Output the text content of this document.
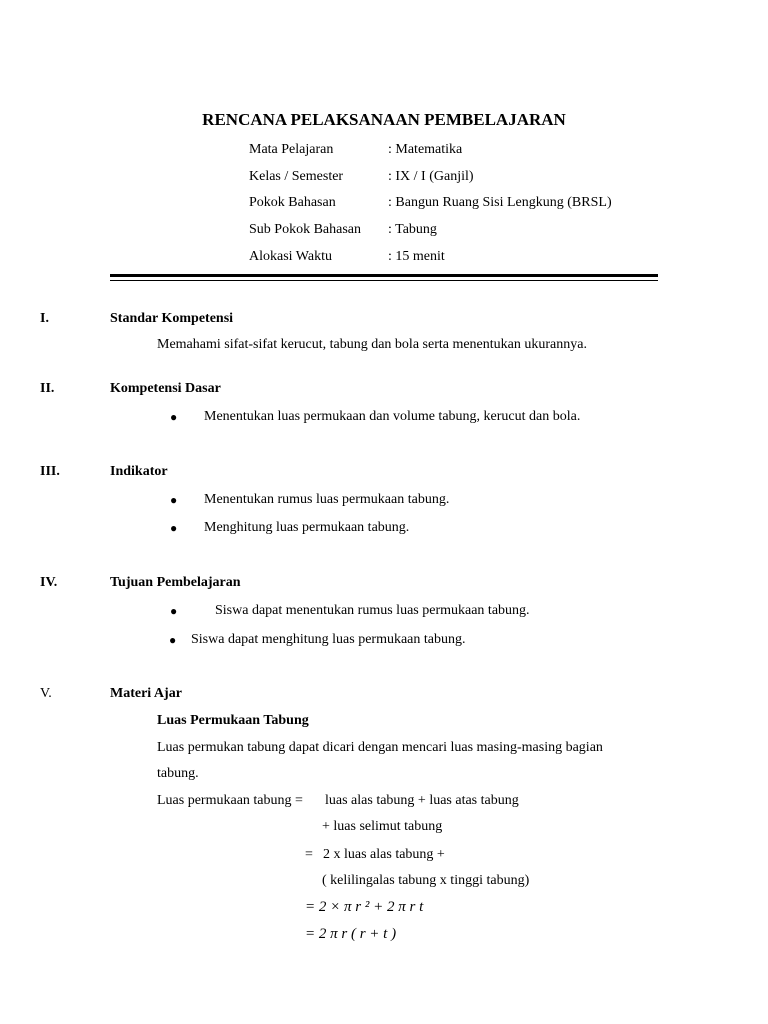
RENCANA PELAKSANAAN PEMBELAJARAN
Mata Pelajaran	: Matematika
Kelas / Semester	: IX / I (Ganjil)
Pokok Bahasan	: Bangun Ruang Sisi Lengkung (BRSL)
Sub Pokok Bahasan : Tabung
Alokasi Waktu	: 15 menit
I.	Standar Kompetensi
Memahami sifat-sifat kerucut, tabung dan bola serta menentukan ukurannya.
II.	Kompetensi Dasar
● Menentukan luas permukaan dan volume tabung, kerucut dan bola.
III.	Indikator
● Menentukan rumus luas permukaan tabung.
● Menghitung luas permukaan tabung.
IV.	Tujuan Pembelajaran
●	Siswa dapat menentukan rumus luas permukaan tabung.
● Siswa dapat menghitung luas permukaan tabung.
V.	Materi Ajar
Luas Permukaan Tabung
Luas permukan tabung dapat dicari dengan mencari luas masing-masing bagian
tabung.
Luas permukaan tabung = luas alas tabung + luas atas tabung
+ luas selimut tabung
= 2 x luas alas tabung +
( kelilingalas tabung x tinggi tabung)
= 2 × π r ² + 2 π r t
= 2 π r ( r + t )
